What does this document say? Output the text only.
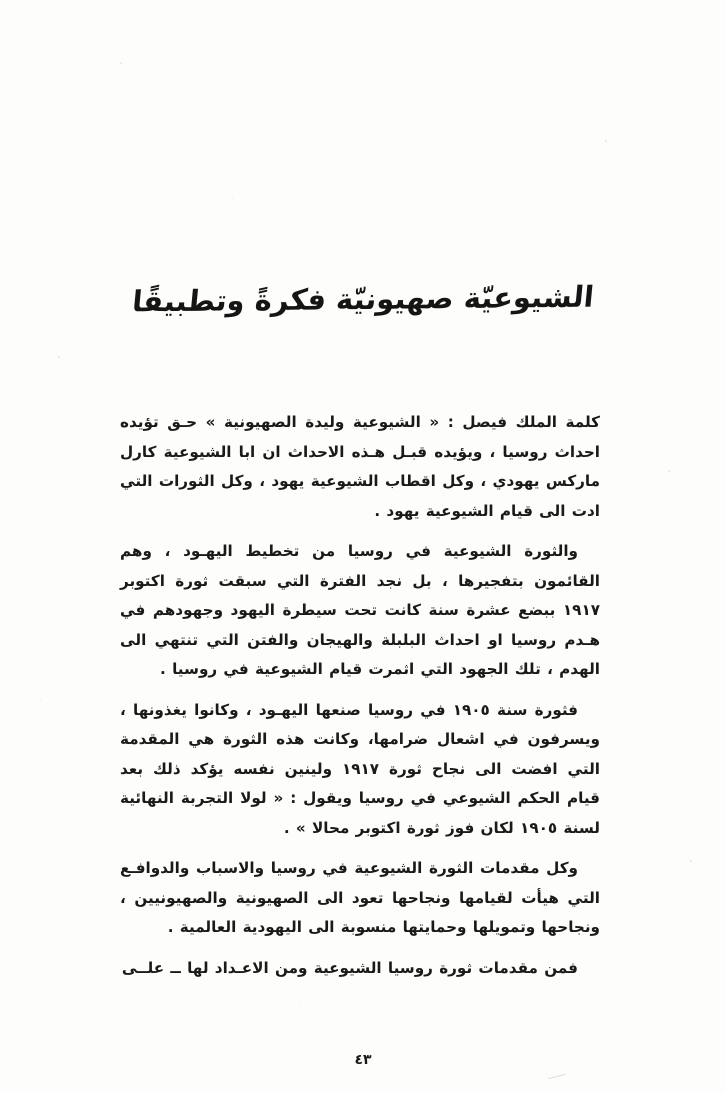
الشيوعيّة صهيونيّة فكرةً وتطبيقًا

كلمة الملك فيصل : « الشيوعية وليدة الصهيونية » حـق تؤيده احداث روسيا ، ويؤيده قبـل هـذه الاحداث ان ابا الشيوعية كارل ماركس يهودي ، وكل اقطاب الشيوعية يهود ، وكل الثورات التي ادت الى قيام الشيوعية يهود .

والثورة الشيوعية في روسيا من تخطيط اليهـود ، وهم القائمون بتفجيرها ، بل نجد الفترة التي سبقت ثورة اكتوبر ١٩١٧ ببضع عشرة سنة كانت تحت سيطرة اليهود وجهودهم في هـدم روسيا او احداث البلبلة والهيجان والفتن التي تنتهي الى الهدم ، تلك الجهود التي اثمرت قيام الشيوعية في روسيا .

فثورة سنة ١٩٠٥ في روسيا صنعها اليهـود ، وكانوا يغذونها ، ويسرفون في اشعال ضرامها، وكانت هذه الثورة هي المقدمة التي افضت الى نجاح ثورة ١٩١٧ ولينين نفسه يؤكد ذلك بعد قيام الحكم الشيوعي في روسيا ويقول : « لولا التجربة النهائية لسنة ١٩٠٥ لكان فوز ثورة اكتوبر محالا » .

وكل مقدمات الثورة الشيوعية في روسيا والاسباب والدوافـع التي هيأت لقيامها ونجاحها تعود الى الصهيونية والصهيونيين ، ونجاحها وتمويلها وحمايتها منسوبة الى اليهودية العالمية .

فمن مقدمات ثورة روسيا الشيوعية ومن الاعـداد لها ــ علــى

٤٣
